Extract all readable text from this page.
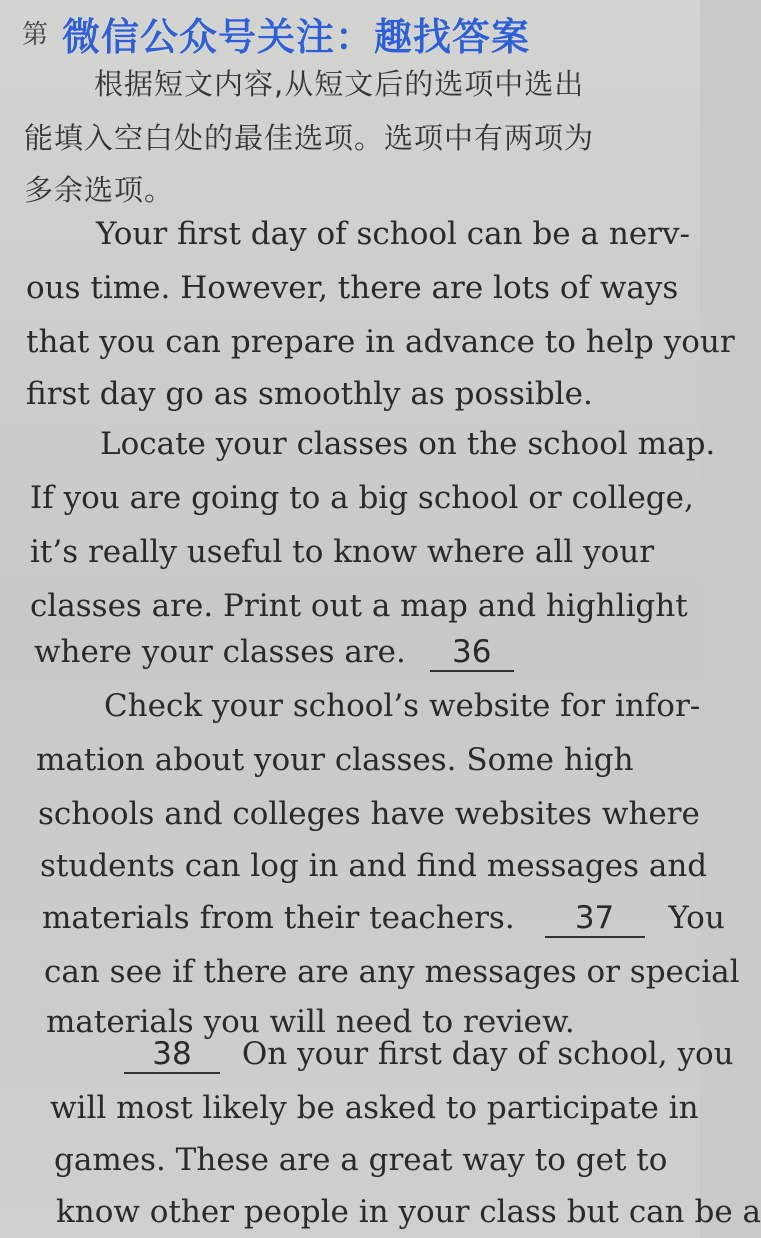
第 微信公众号关注：趣找答案
根据短文内容,从短文后的选项中选出
能填入空白处的最佳选项。选项中有两项为
多余选项。
Your first day of school can be a nerv-
ous time. However, there are lots of ways
that you can prepare in advance to help your
first day go as smoothly as possible.
Locate your classes on the school map.
If you are going to a big school or college,
it’s really useful to know where all your
classes are. Print out a map and highlight
where your classes are. 36
Check your school’s website for infor-
mation about your classes. Some high
schools and colleges have websites where
students can log in and find messages and
materials from their teachers. 37 You
can see if there are any messages or special
materials you will need to review.
38 On your first day of school, you
will most likely be asked to participate in
games. These are a great way to get to
know other people in your class but can be a
